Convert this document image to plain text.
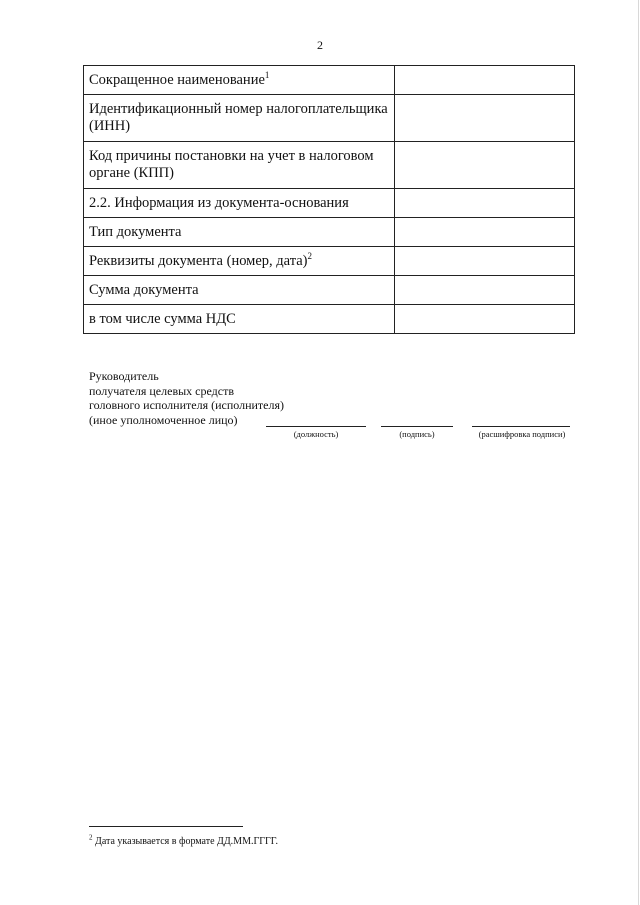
2
Сокращенное наименование$^1$	
Идентификационный номер налогоплательщика (ИНН)	
Код причины постановки на учет в налоговом органе (КПП)	
2.2. Информация из документа-основания	
Тип документа	
Реквизиты документа (номер, дата)$^2$	
Сумма документа	
в том числе сумма НДС	
Руководитель
получателя целевых средств
головного исполнителя (исполнителя)
(иное уполномоченное лицо)
(должность)	(подпись)	(расшифровка подписи)
$^2$ Дата указывается в формате ДД.ММ.ГГГГ.
